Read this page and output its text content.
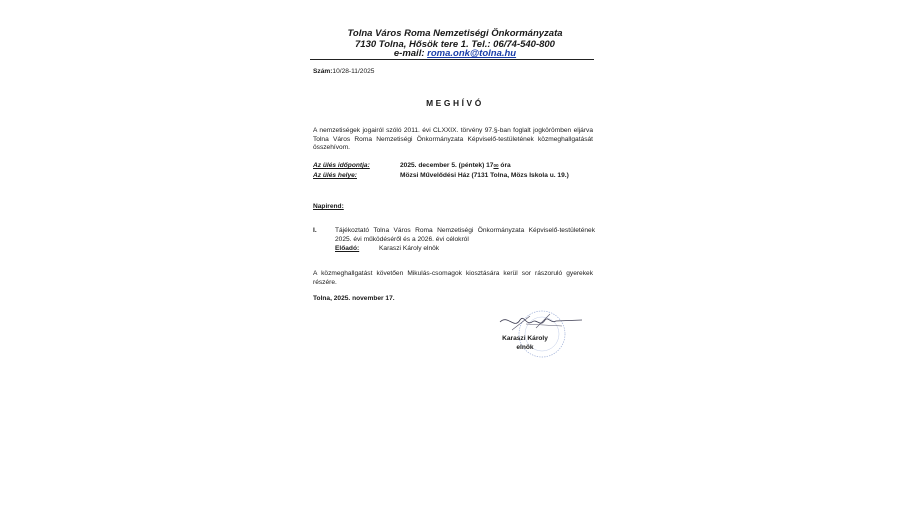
Tolna Város Roma Nemzetiségi Önkormányzata
7130 Tolna, Hősök tere 1. Tel.: 06/74-540-800
e-mail: roma.onk@tolna.hu
Szám:10/28-11/2025
MEGHÍVÓ
A nemzetiségek jogairól szóló 2011. évi CLXXIX. törvény 97.§-ban foglalt jogkörömben eljárva Tolna Város Roma Nemzetiségi Önkormányzata Képviselő-testületének közmeghallgatását összehívom.
Az ülés időpontja:	2025. december 5. (péntek) $17^{00}$ óra
Az ülés helye:	Mözsi Művelődési Ház (7131 Tolna, Mözs Iskola u. 19.)
Napirend:
I.	Tájékoztató Tolna Város Roma Nemzetiségi Önkormányzata Képviselő-testületének 2025. évi működéséről és a 2026. évi célokról
Előadó:	Karaszi Károly elnök
A közmeghallgatást követően Mikulás-csomagok kiosztására kerül sor rászoruló gyerekek részére.
Tolna, 2025. november 17.
Karaszi Károly
elnök
